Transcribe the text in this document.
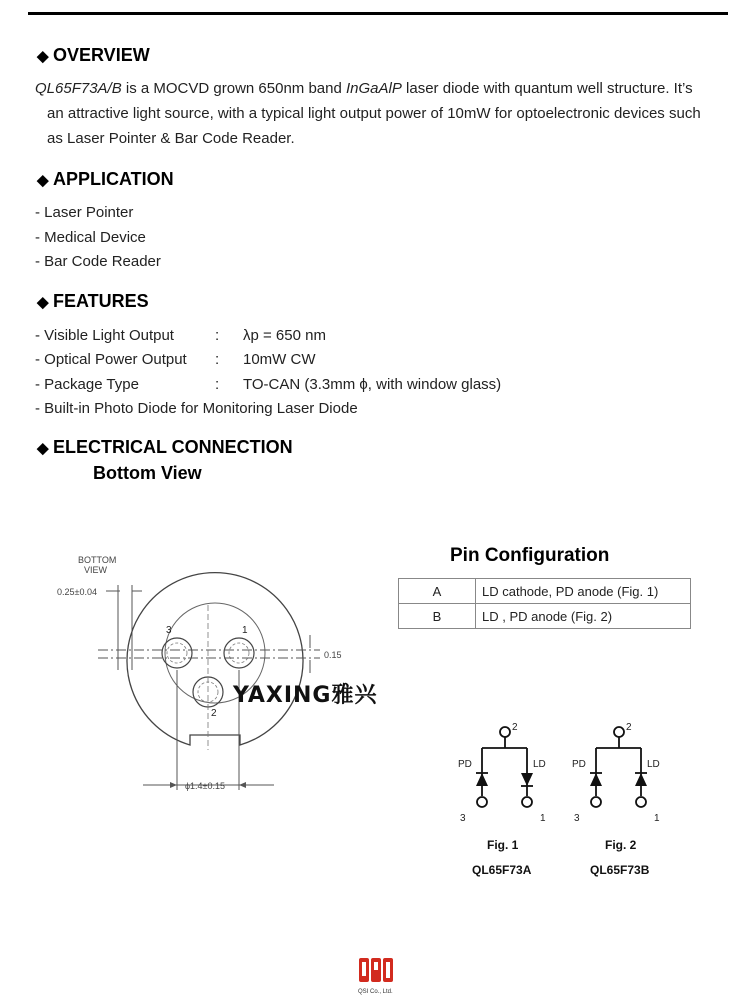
◆ OVERVIEW
QL65F73A/B is a MOCVD grown 650nm band InGaAlP laser diode with quantum well structure. It’s
an attractive light source, with a typical light output power of 10mW for optoelectronic devices such
as Laser Pointer & Bar Code Reader.
◆ APPLICATION
- Laser Pointer
- Medical Device
- Bar Code Reader
◆ FEATURES
- Visible Light Output	: λp = 650 nm
- Optical Power Output : 10mW CW
- Package Type	: TO-CAN (3.3mm ϕ, with window glass)
- Built-in Photo Diode for Monitoring Laser Diode
◆ ELECTRICAL CONNECTION
Bottom View
BOTTOM
VIEW
0.25±0.04
3	1
2
0.15
ϕ1.4±0.15
YAXING雅兴
Pin Configuration
A	LD cathode, PD anode (Fig. 1)
B	LD , PD anode (Fig. 2)
2
PD	LD
3	1
Fig. 1
QL65F73A
2
PD	LD
3	1
Fig. 2
QL65F73B
QSI Co., Ltd.
